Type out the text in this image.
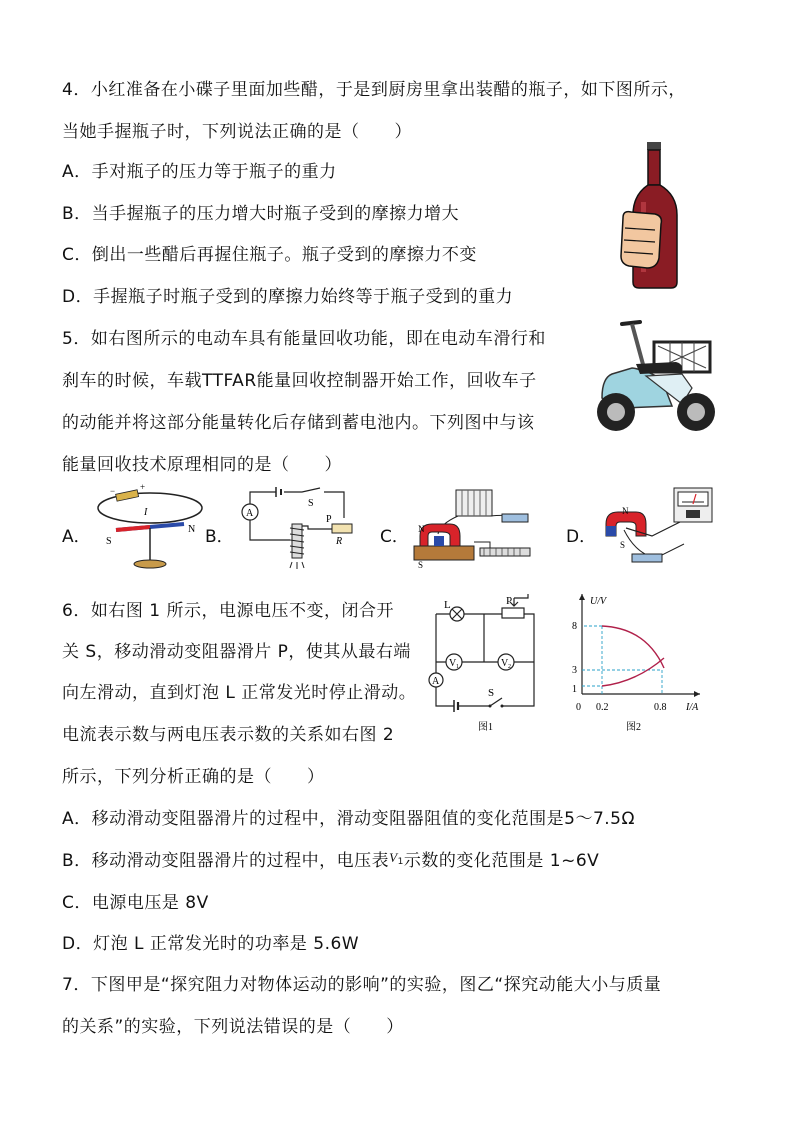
4．小红准备在小碟子里面加些醋，于是到厨房里拿出装醋的瓶子，如下图所示，
当她手握瓶子时，下列说法正确的是（　　）
A．手对瓶子的压力等于瓶子的重力
B．当手握瓶子的压力增大时瓶子受到的摩擦力增大
C．倒出一些醋后再握住瓶子。瓶子受到的摩擦力不变
D．手握瓶子时瓶子受到的摩擦力始终等于瓶子受到的重力
5．如右图所示的电动车具有能量回收功能，即在电动车滑行和
刹车的时候，车载TTFAR能量回收控制器开始工作，回收车子
的动能并将这部分能量转化后存储到蓄电池内。下列图中与该
能量回收技术原理相同的是（　　）
A．	B．	C．	D．
−	+
I
S
N
S
A
P
R
N
S
N
S
6．如右图 1 所示，电源电压不变，闭合开
关 S，移动滑动变阻器滑片 P，使其从最右端
向左滑动，直到灯泡 L 正常发光时停止滑动。
电流表示数与两电压表示数的关系如右图 2
所示，下列分析正确的是（　　）
L	P
V 1	V 2
A
S
图1
U/V
I/A
0
8
3
1
0.2	0.8
图2
A．移动滑动变阻器滑片的过程中，滑动变阻器阻值的变化范围是5～7.5Ω
B．移动滑动变阻器滑片的过程中，电压表$^V$1示数的变化范围是 1~6V
C．电源电压是 8V
D．灯泡 L 正常发光时的功率是 5.6W
7．下图甲是“探究阻力对物体运动的影响”的实验，图乙“探究动能大小与质量
的关系”的实验，下列说法错误的是（　　）
